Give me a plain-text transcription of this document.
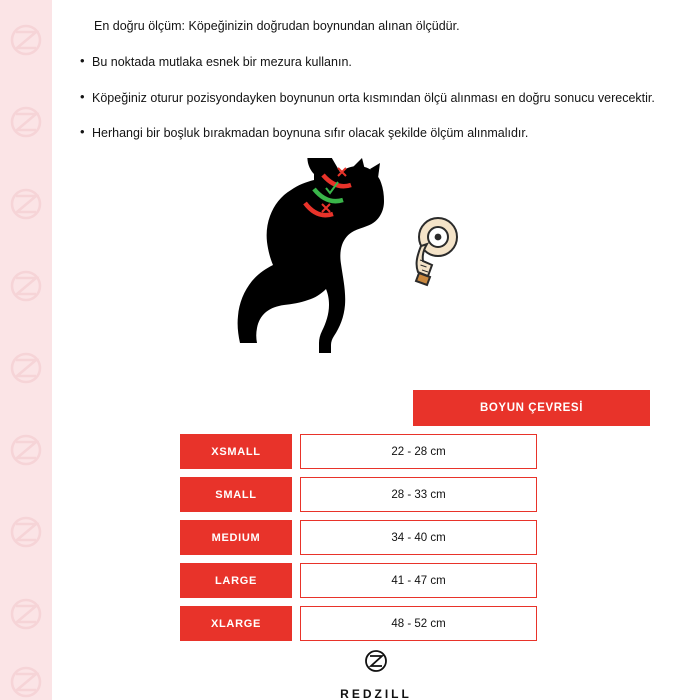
En doğru ölçüm: Köpeğinizin doğrudan boynundan alınan ölçüdür.

• Bu noktada mutlaka esnek bir mezura kullanın.
• Köpeğiniz oturur pozisyondayken boynunun orta kısmından ölçü alınması en doğru sonucu verecektir.
• Herhangi bir boşluk bırakmadan boynuna sıfır olacak şekilde ölçüm alınmalıdır.
BOYUN ÇEVRESİ
XSMALL	22 - 28 cm
SMALL	28 - 33 cm
MEDIUM	34 - 40 cm
LARGE	41 - 47 cm
XLARGE	48 - 52 cm
REDZILL
